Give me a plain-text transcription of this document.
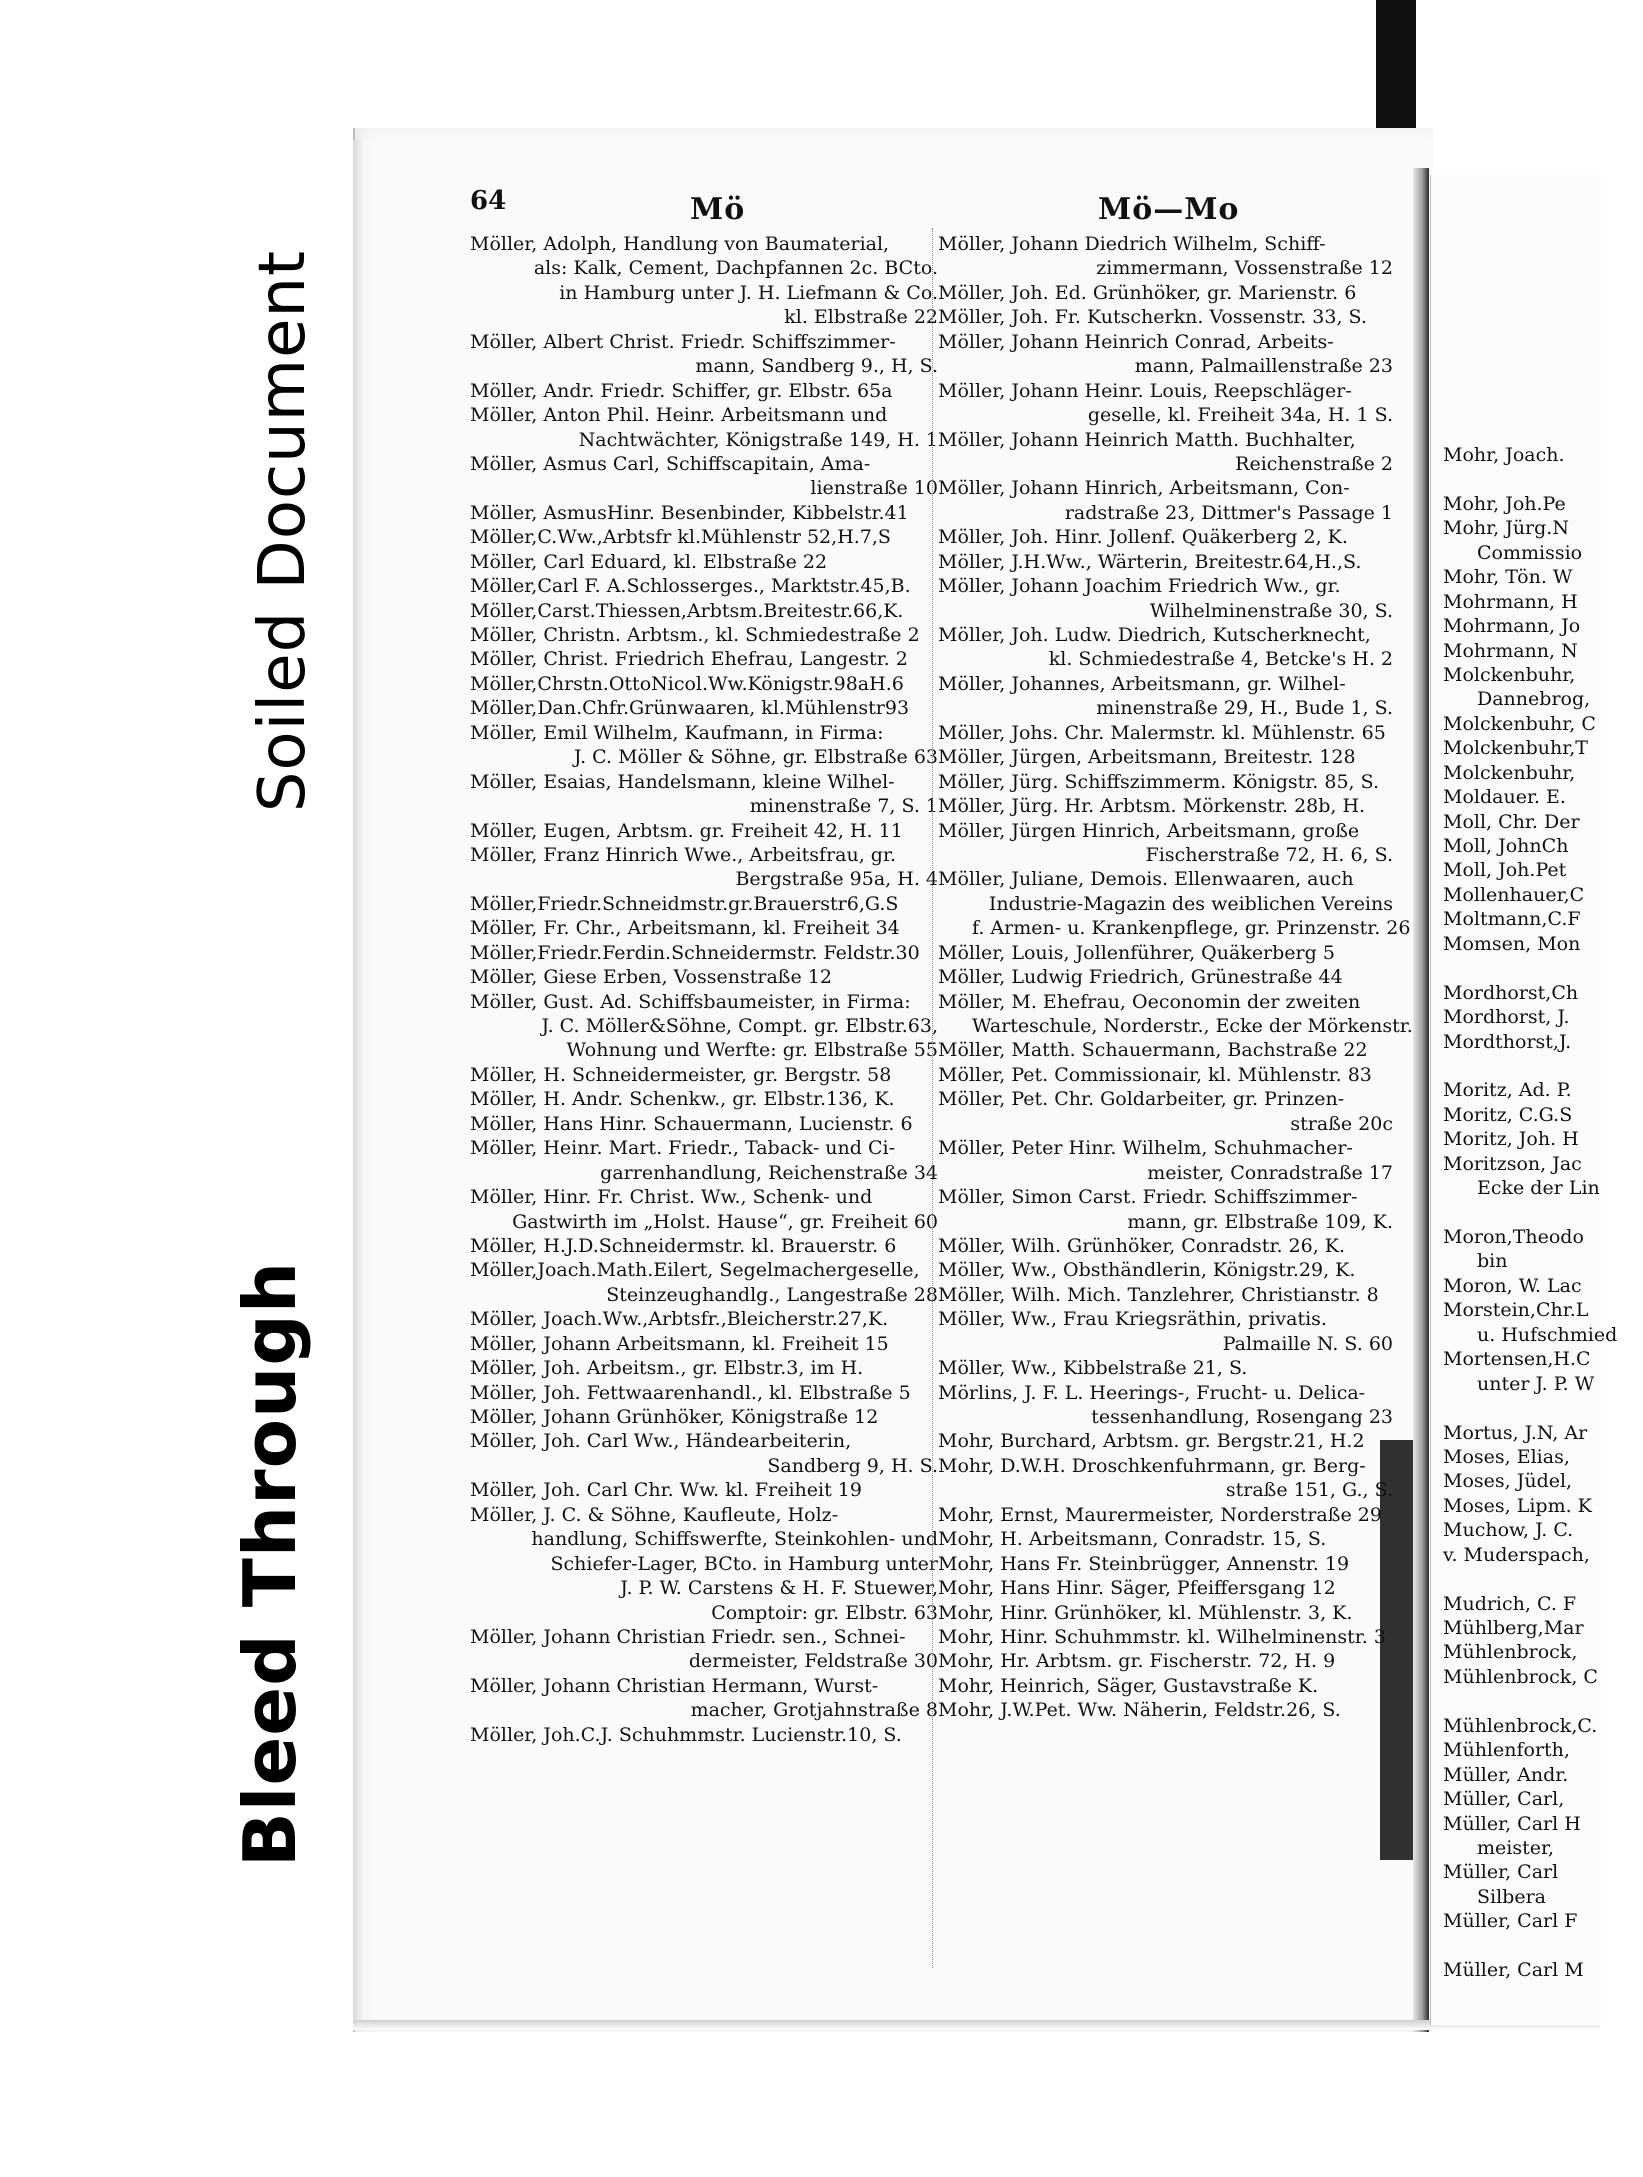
Soiled Document
Bleed Through
64	Mö	Mö—Mo
Möller, Adolph, Handlung von Baumaterial,
als: Kalk, Cement, Dachpfannen 2c. BCto.
in Hamburg unter J. H. Liefmann & Co.
kl. Elbstraße 22
Möller, Albert Christ. Friedr. Schiffszimmer-
mann, Sandberg 9., H, S.
Möller, Andr. Friedr. Schiffer, gr. Elbstr. 65a
Möller, Anton Phil. Heinr. Arbeitsmann und
Nachtwächter, Königstraße 149, H. 1
Möller, Asmus Carl, Schiffscapitain, Ama-
lienstraße 10
Möller, AsmusHinr. Besenbinder, Kibbelstr.41
Möller,C.Ww.,Arbtsfr kl.Mühlenstr 52,H.7,S
Möller, Carl Eduard, kl. Elbstraße 22
Möller,Carl F. A.Schlosserges., Marktstr.45,B.
Möller,Carst.Thiessen,Arbtsm.Breitestr.66,K.
Möller, Christn. Arbtsm., kl. Schmiedestraße 2
Möller, Christ. Friedrich Ehefrau, Langestr. 2
Möller,Chrstn.OttoNicol.Ww.Königstr.98aH.6
Möller,Dan.Chfr.Grünwaaren, kl.Mühlenstr93
Möller, Emil Wilhelm, Kaufmann, in Firma:
J. C. Möller & Söhne, gr. Elbstraße 63
Möller, Esaias, Handelsmann, kleine Wilhel-
minenstraße 7, S. 1
Möller, Eugen, Arbtsm. gr. Freiheit 42, H. 11
Möller, Franz Hinrich Wwe., Arbeitsfrau, gr.
Bergstraße 95a, H. 4
Möller,Friedr.Schneidmstr.gr.Brauerstr6,G.S
Möller, Fr. Chr., Arbeitsmann, kl. Freiheit 34
Möller,Friedr.Ferdin.Schneidermstr. Feldstr.30
Möller, Giese Erben, Vossenstraße 12
Möller, Gust. Ad. Schiffsbaumeister, in Firma:
J. C. Möller&Söhne, Compt. gr. Elbstr.63,
Wohnung und Werfte: gr. Elbstraße 55
Möller, H. Schneidermeister, gr. Bergstr. 58
Möller, H. Andr. Schenkw., gr. Elbstr.136, K.
Möller, Hans Hinr. Schauermann, Lucienstr. 6
Möller, Heinr. Mart. Friedr., Taback- und Ci-
garrenhandlung, Reichenstraße 34
Möller, Hinr. Fr. Christ. Ww., Schenk- und
Gastwirth im „Holst. Hause“, gr. Freiheit 60
Möller, H.J.D.Schneidermstr. kl. Brauerstr. 6
Möller,Joach.Math.Eilert, Segelmachergeselle,
Steinzeughandlg., Langestraße 28
Möller, Joach.Ww.,Arbtsfr.,Bleicherstr.27,K.
Möller, Johann Arbeitsmann, kl. Freiheit 15
Möller, Joh. Arbeitsm., gr. Elbstr.3, im H.
Möller, Joh. Fettwaarenhandl., kl. Elbstraße 5
Möller, Johann Grünhöker, Königstraße 12
Möller, Joh. Carl Ww., Händearbeiterin,
Sandberg 9, H. S.
Möller, Joh. Carl Chr. Ww. kl. Freiheit 19
Möller, J. C. & Söhne, Kaufleute, Holz-
handlung, Schiffswerfte, Steinkohlen- und
Schiefer-Lager, BCto. in Hamburg unter
J. P. W. Carstens & H. F. Stuewer,
Comptoir: gr. Elbstr. 63
Möller, Johann Christian Friedr. sen., Schnei-
dermeister, Feldstraße 30
Möller, Johann Christian Hermann, Wurst-
macher, Grotjahnstraße 8
Möller, Joh.C.J. Schuhmmstr. Lucienstr.10, S.
Möller, Johann Diedrich Wilhelm, Schiff-
zimmermann, Vossenstraße 12
Möller, Joh. Ed. Grünhöker, gr. Marienstr. 6
Möller, Joh. Fr. Kutscherkn. Vossenstr. 33, S.
Möller, Johann Heinrich Conrad, Arbeits-
mann, Palmaillenstraße 23
Möller, Johann Heinr. Louis, Reepschläger-
geselle, kl. Freiheit 34a, H. 1 S.
Möller, Johann Heinrich Matth. Buchhalter,
Reichenstraße 2
Möller, Johann Hinrich, Arbeitsmann, Con-
radstraße 23, Dittmer's Passage 1
Möller, Joh. Hinr. Jollenf. Quäkerberg 2, K.
Möller, J.H.Ww., Wärterin, Breitestr.64,H.,S.
Möller, Johann Joachim Friedrich Ww., gr.
Wilhelminenstraße 30, S.
Möller, Joh. Ludw. Diedrich, Kutscherknecht,
kl. Schmiedestraße 4, Betcke's H. 2
Möller, Johannes, Arbeitsmann, gr. Wilhel-
minenstraße 29, H., Bude 1, S.
Möller, Johs. Chr. Malermstr. kl. Mühlenstr. 65
Möller, Jürgen, Arbeitsmann, Breitestr. 128
Möller, Jürg. Schiffszimmerm. Königstr. 85, S.
Möller, Jürg. Hr. Arbtsm. Mörkenstr. 28b, H.
Möller, Jürgen Hinrich, Arbeitsmann, große
Fischerstraße 72, H. 6, S.
Möller, Juliane, Demois. Ellenwaaren, auch
Industrie-Magazin des weiblichen Vereins
f. Armen- u. Krankenpflege, gr. Prinzenstr. 26
Möller, Louis, Jollenführer, Quäkerberg 5
Möller, Ludwig Friedrich, Grünestraße 44
Möller, M. Ehefrau, Oeconomin der zweiten
Warteschule, Norderstr., Ecke der Mörkenstr.
Möller, Matth. Schauermann, Bachstraße 22
Möller, Pet. Commissionair, kl. Mühlenstr. 83
Möller, Pet. Chr. Goldarbeiter, gr. Prinzen-
straße 20c
Möller, Peter Hinr. Wilhelm, Schuhmacher-
meister, Conradstraße 17
Möller, Simon Carst. Friedr. Schiffszimmer-
mann, gr. Elbstraße 109, K.
Möller, Wilh. Grünhöker, Conradstr. 26, K.
Möller, Ww., Obsthändlerin, Königstr.29, K.
Möller, Wilh. Mich. Tanzlehrer, Christianstr. 8
Möller, Ww., Frau Kriegsräthin, privatis.
Palmaille N. S. 60
Möller, Ww., Kibbelstraße 21, S.
Mörlins, J. F. L. Heerings-, Frucht- u. Delica-
tessenhandlung, Rosengang 23
Mohr, Burchard, Arbtsm. gr. Bergstr.21, H.2
Mohr, D.W.H. Droschkenfuhrmann, gr. Berg-
straße 151, G., S.
Mohr, Ernst, Maurermeister, Norderstraße 29
Mohr, H. Arbeitsmann, Conradstr. 15, S.
Mohr, Hans Fr. Steinbrügger, Annenstr. 19
Mohr, Hans Hinr. Säger, Pfeiffersgang 12
Mohr, Hinr. Grünhöker, kl. Mühlenstr. 3, K.
Mohr, Hinr. Schuhmmstr. kl. Wilhelminenstr. 3
Mohr, Hr. Arbtsm. gr. Fischerstr. 72, H. 9
Mohr, Heinrich, Säger, Gustavstraße K.
Mohr, J.W.Pet. Ww. Näherin, Feldstr.26, S.
Mohr, Joach.
Mohr, Joh.Pe
Mohr, Jürg.N
Commissio
Mohr, Tön. W
Mohrmann, H
Mohrmann, Jo
Mohrmann, N
Molckenbuhr,
Dannebrog,
Molckenbuhr, C
Molckenbuhr,T
Molckenbuhr,
Moldauer. E.
Moll, Chr. Der
Moll, JohnCh
Moll, Joh.Pet
Mollenhauer,C
Moltmann,C.F
Momsen, Mon
Mordhorst,Ch
Mordhorst, J.
Mordthorst,J.
Moritz, Ad. P.
Moritz, C.G.S
Moritz, Joh. H
Moritzson, Jac
Ecke der Lin
Moron,Theodo
bin
Moron, W. Lac
Morstein,Chr.L
u. Hufschmied
Mortensen,H.C
unter J. P. W
Mortus, J.N, Ar
Moses, Elias,
Moses, Jüdel,
Moses, Lipm. K
Muchow, J. C.
v. Muderspach,
Mudrich, C. F
Mühlberg,Mar
Mühlenbrock,
Mühlenbrock, C
Mühlenbrock,C.
Mühlenforth,
Müller, Andr.
Müller, Carl,
Müller, Carl H
meister,
Müller, Carl
Silbera
Müller, Carl F
Müller, Carl M
